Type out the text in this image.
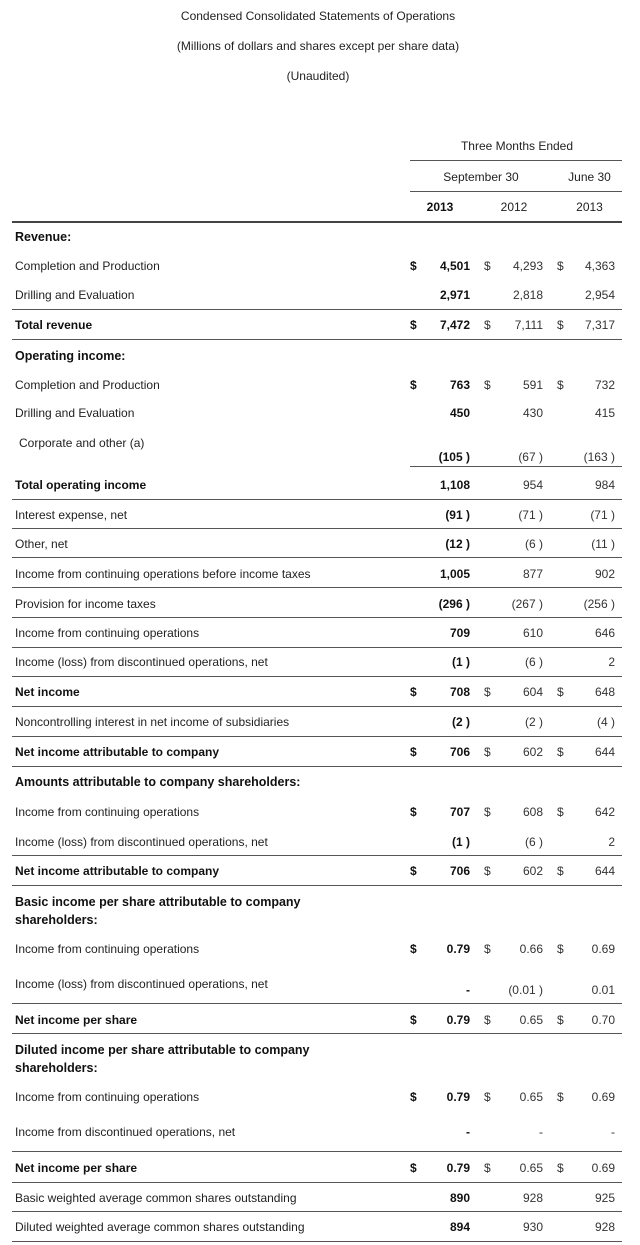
Condensed Consolidated Statements of Operations
(Millions of dollars and shares except per share data)
(Unaudited)
Three Months Ended
September 30	June 30
2013	2012	2013
Revenue:
Completion and Production	$ 4,501 $ 4,293 $ 4,363
Drilling and Evaluation	2,971	2,818	2,954
Total revenue	$ 7,472 $ 7,111 $ 7,317
Operating income:
Completion and Production	$	763 $	591 $	732
Drilling and Evaluation	450	430	415
Corporate and other (a)
(105 )	(67 )	(163 )
Total operating income	1,108	954	984
Interest expense, net	(91 )	(71 )	(71 )
Other, net	(12 )	(6 )	(11 )
Income from continuing operations before income taxes	1,005	877	902
Provision for income taxes	(296 )	(267 )	(256 )
Income from continuing operations	709	610	646
Income (loss) from discontinued operations, net	(1 )	(6 )	2
Net income	$	708 $	604 $	648
Noncontrolling interest in net income of subsidiaries	(2 )	(2 )	(4 )
Net income attributable to company	$	706 $	602 $	644
Amounts attributable to company shareholders:
Income from continuing operations	$	707 $	608 $	642
Income (loss) from discontinued operations, net	(1 )	(6 )	2
Net income attributable to company	$	706 $	602 $	644
Basic income per share attributable to company
shareholders:
Income from continuing operations	$ 0.79 $ 0.66 $ 0.69
Income (loss) from discontinued operations, net	-	(0.01 )	0.01
Net income per share	$ 0.79 $ 0.65 $ 0.70
Diluted income per share attributable to company
shareholders:
Income from continuing operations	$ 0.79 $ 0.65 $ 0.69
Income from discontinued operations, net	-	-	-
Net income per share	$ 0.79 $ 0.65 $ 0.69
Basic weighted average common shares outstanding	890	928	925
Diluted weighted average common shares outstanding	894	930	928
